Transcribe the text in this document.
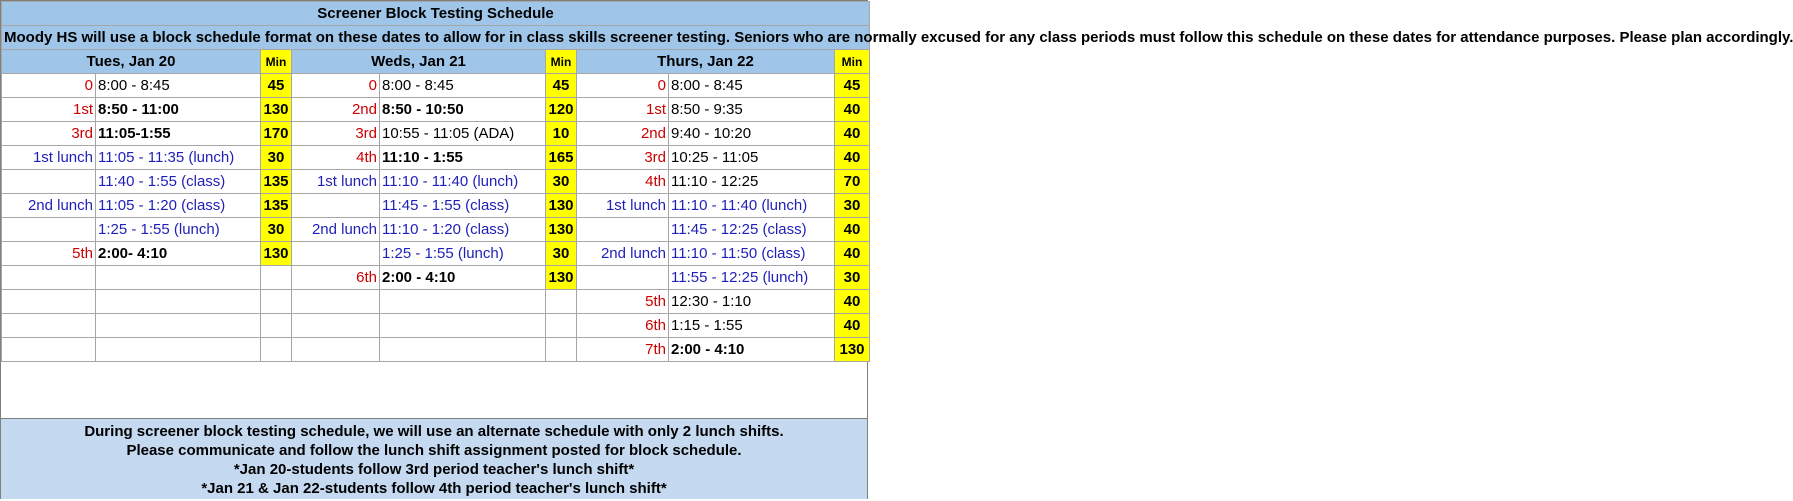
Screener Block Testing Schedule								
Moody HS will use a block schedule format on these dates to allow for in class skills screener testing. Seniors who are normally excused for any class periods must follow this schedule on these dates for attendance purposes. Please plan accordingly.								
Tues, Jan 20		Min	Weds, Jan 21		Min	Thurs, Jan 22		Min
0	8:00 - 8:45	45	0	8:00 - 8:45	45	0	8:00 - 8:45	45
1st	8:50 - 11:00	130	2nd	8:50 - 10:50	120	1st	8:50 - 9:35	40
3rd	11:05-1:55	170	3rd	10:55 - 11:05 (ADA)	10	2nd	9:40 - 10:20	40
1st lunch	11:05 - 11:35 (lunch)	30	4th	11:10 - 1:55	165	3rd	10:25 - 11:05	40
	11:40 - 1:55 (class)	135	1st lunch	11:10 - 11:40 (lunch)	30	4th	11:10 - 12:25	70
2nd lunch	11:05 - 1:20 (class)	135		11:45 - 1:55 (class)	130	1st lunch	11:10 - 11:40 (lunch)	30
	1:25 - 1:55 (lunch)	30	2nd lunch	11:10 - 1:20 (class)	130		11:45 - 12:25 (class)	40
5th	2:00- 4:10	130		1:25 - 1:55 (lunch)	30	2nd lunch	11:10 - 11:50 (class)	40
			6th	2:00 - 4:10	130		11:55 - 12:25 (lunch)	30
						5th	12:30 - 1:10	40
						6th	1:15 - 1:55	40
						7th	2:00 - 4:10	130
During screener block testing schedule, we will use an alternate schedule with only 2 lunch shifts.
Please communicate and follow the lunch shift assignment posted for block schedule.
*Jan 20-students follow 3rd period teacher's lunch shift*
*Jan 21 & Jan 22-students follow 4th period teacher's lunch shift*
